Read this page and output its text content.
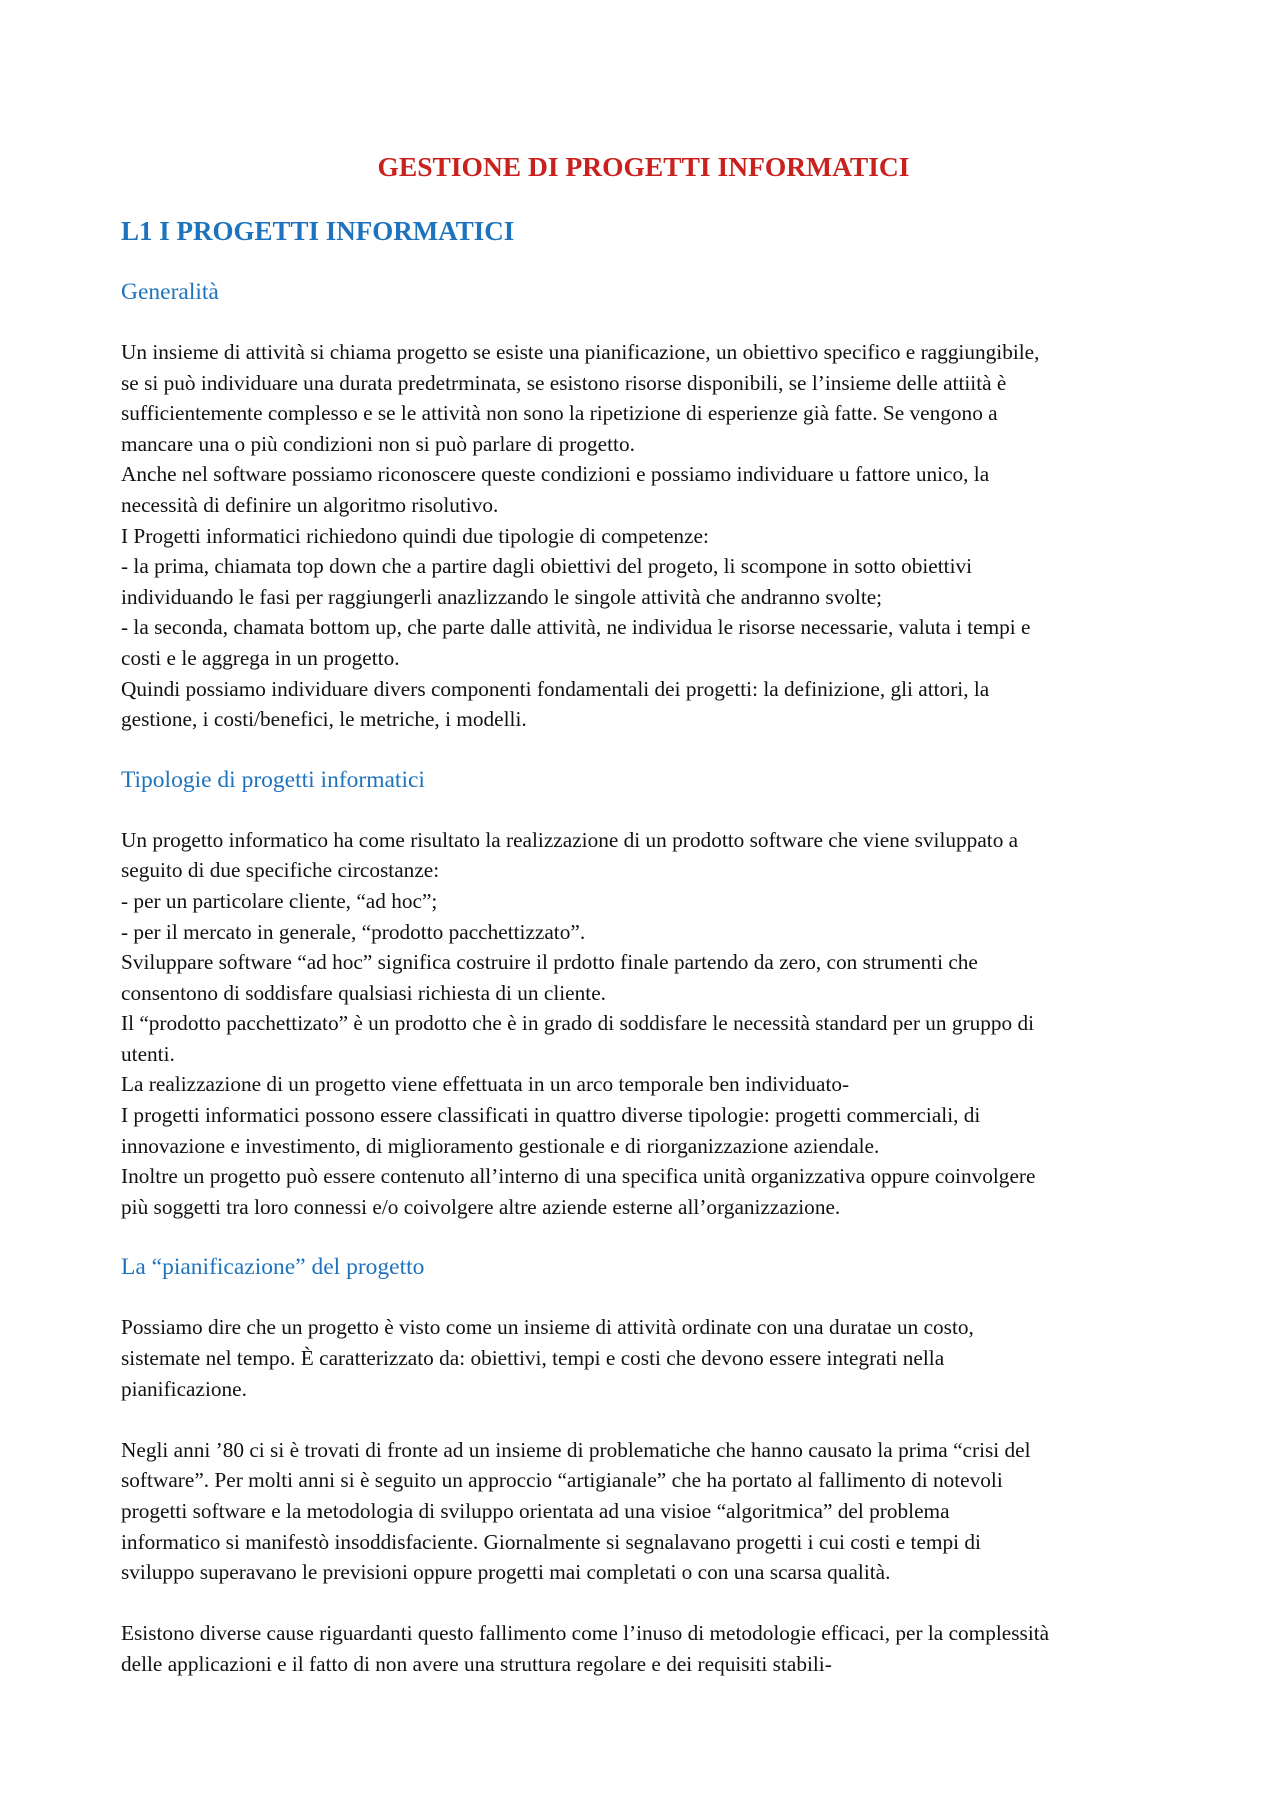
GESTIONE DI PROGETTI INFORMATICI
L1 I PROGETTI INFORMATICI
Generalità
Un insieme di attività si chiama progetto se esiste una pianificazione, un obiettivo specifico e raggiungibile,
se si può individuare una durata predetrminata, se esistono risorse disponibili, se l’insieme delle attiità è
sufficientemente complesso e se le attività non sono la ripetizione di esperienze già fatte. Se vengono a
mancare una o più condizioni non si può parlare di progetto.
Anche nel software possiamo riconoscere queste condizioni e possiamo individuare u fattore unico, la
necessità di definire un algoritmo risolutivo.
I Progetti informatici richiedono quindi due tipologie di competenze:
- la prima, chiamata top down che a partire dagli obiettivi del progeto, li scompone in sotto obiettivi
individuando le fasi per raggiungerli anazlizzando le singole attività che andranno svolte;
- la seconda, chamata bottom up, che parte dalle attività, ne individua le risorse necessarie, valuta i tempi e
costi e le aggrega in un progetto.
Quindi possiamo individuare divers componenti fondamentali dei progetti: la definizione, gli attori, la
gestione, i costi/benefici, le metriche, i modelli.
Tipologie di progetti informatici
Un progetto informatico ha come risultato la realizzazione di un prodotto software che viene sviluppato a
seguito di due specifiche circostanze:
- per un particolare cliente, “ad hoc”;
- per il mercato in generale, “prodotto pacchettizzato”.
Sviluppare software “ad hoc” significa costruire il prdotto finale partendo da zero, con strumenti che
consentono di soddisfare qualsiasi richiesta di un cliente.
Il “prodotto pacchettizato” è un prodotto che è in grado di soddisfare le necessità standard per un gruppo di
utenti.
La realizzazione di un progetto viene effettuata in un arco temporale ben individuato-
I progetti informatici possono essere classificati in quattro diverse tipologie: progetti commerciali, di
innovazione e investimento, di miglioramento gestionale e di riorganizzazione aziendale.
Inoltre un progetto può essere contenuto all’interno di una specifica unità organizzativa oppure coinvolgere
più soggetti tra loro connessi e/o coivolgere altre aziende esterne all’organizzazione.
La “pianificazione” del progetto
Possiamo dire che un progetto è visto come un insieme di attività ordinate con una duratae un costo,
sistemate nel tempo. È caratterizzato da: obiettivi, tempi e costi che devono essere integrati nella
pianificazione.
Negli anni ’80 ci si è trovati di fronte ad un insieme di problematiche che hanno causato la prima “crisi del
software”. Per molti anni si è seguito un approccio “artigianale” che ha portato al fallimento di notevoli
progetti software e la metodologia di sviluppo orientata ad una visioe “algoritmica” del problema
informatico si manifestò insoddisfaciente. Giornalmente si segnalavano progetti i cui costi e tempi di
sviluppo superavano le previsioni oppure progetti mai completati o con una scarsa qualità.
Esistono diverse cause riguardanti questo fallimento come l’inuso di metodologie efficaci, per la complessità
delle applicazioni e il fatto di non avere una struttura regolare e dei requisiti stabili-
